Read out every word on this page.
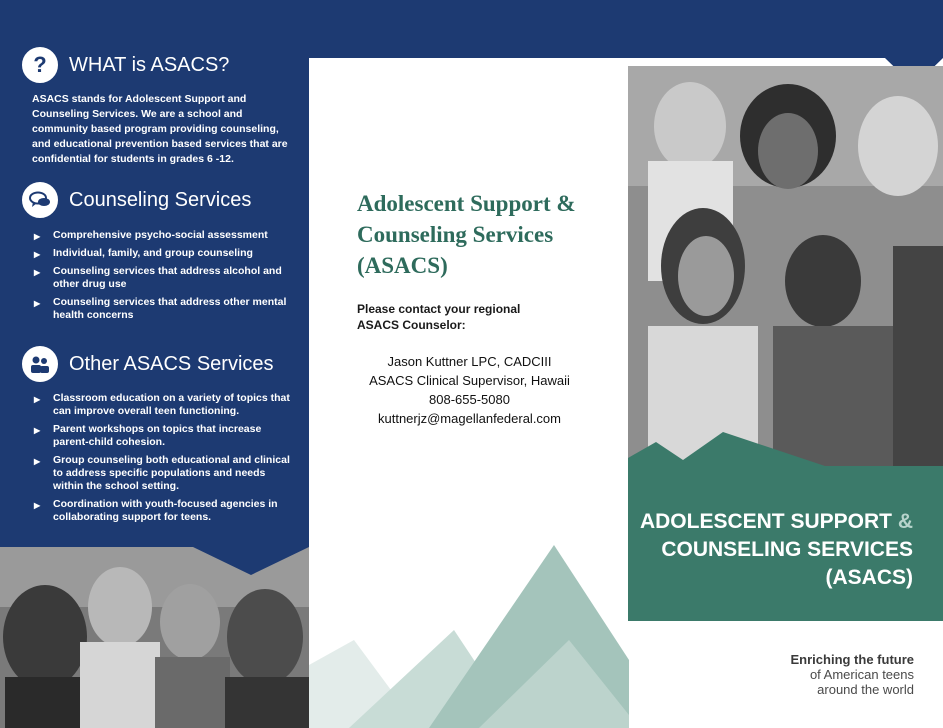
?	WHAT is ASACS?
ASACS stands for Adolescent Support and Counseling Services. We are a school and community based program providing counseling, and educational prevention based services that are confidential for students in grades 6 -12.
Counseling Services
▶ Comprehensive psycho-social assessment
▶ Individual, family, and group counseling
▶ Counseling services that address alcohol and other drug use
▶ Counseling services that address other mental health concerns
Other ASACS Services
▶ Classroom education on a variety of topics that can improve overall teen functioning.
▶ Parent workshops on topics that increase parent-child cohesion.
▶ Group counseling both educational and clinical to address specific populations and needs within the school setting.
▶ Coordination with youth-focused agencies in collaborating support for teens.
Adolescent Support &
Counseling Services
(ASACS)
Please contact your regional
ASACS Counselor:
Jason Kuttner LPC, CADCIII
ASACS Clinical Supervisor, Hawaii
808-655-5080
kuttnerjz@magellanfederal.com
ADOLESCENT SUPPORT &
COUNSELING SERVICES
(ASACS)
Enriching the future
of American teens
around the world
